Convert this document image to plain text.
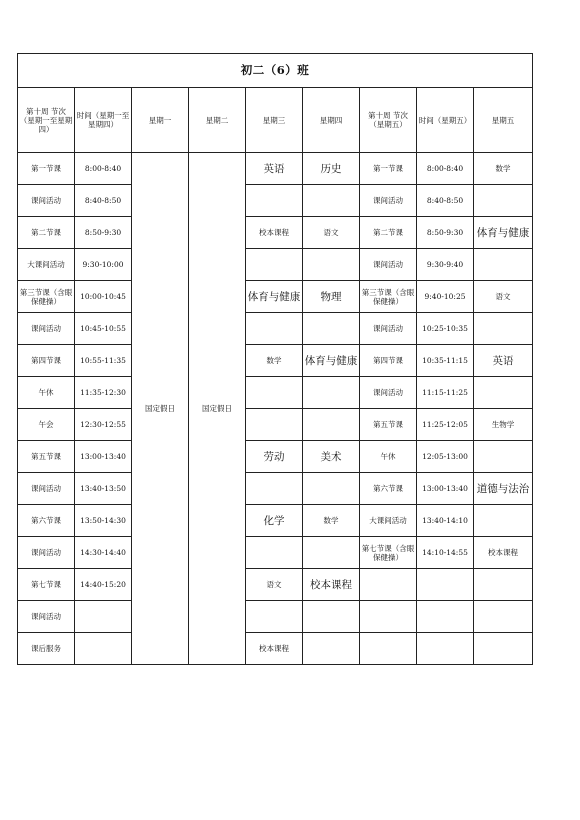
初二（6）班								
第十周 节次（星期一至星期四）	时间（星期一至星期四）	星期一	星期二	星期三	星期四	第十周 节次（星期五）	时间（星期五）	星期五
第一节课	8:00-8:40	国定假日	国定假日	英语	历史	第一节课	8:00-8:40	数学
课间活动	8:40-8:50					课间活动	8:40-8:50	
第二节课	8:50-9:30			校本课程	语文	第二节课	8:50-9:30	体育与健康
大课间活动	9:30-10:00					课间活动	9:30-9:40	
第三节课（含眼保健操）	10:00-10:45			体育与健康	物理	第三节课（含眼保健操）	9:40-10:25	语文
课间活动	10:45-10:55					课间活动	10:25-10:35	
第四节课	10:55-11:35			数学	体育与健康	第四节课	10:35-11:15	英语
午休	11:35-12:30					课间活动	11:15-11:25	
午会	12:30-12:55					第五节课	11:25-12:05	生物学
第五节课	13:00-13:40			劳动	美术	午休	12:05-13:00	
课间活动	13:40-13:50					第六节课	13:00-13:40	道德与法治
第六节课	13:50-14:30			化学	数学	大课间活动	13:40-14:10	
课间活动	14:30-14:40					第七节课（含眼保健操）	14:10-14:55	校本课程
第七节课	14:40-15:20			语文	校本课程			
课间活动								
课后服务				校本课程				
